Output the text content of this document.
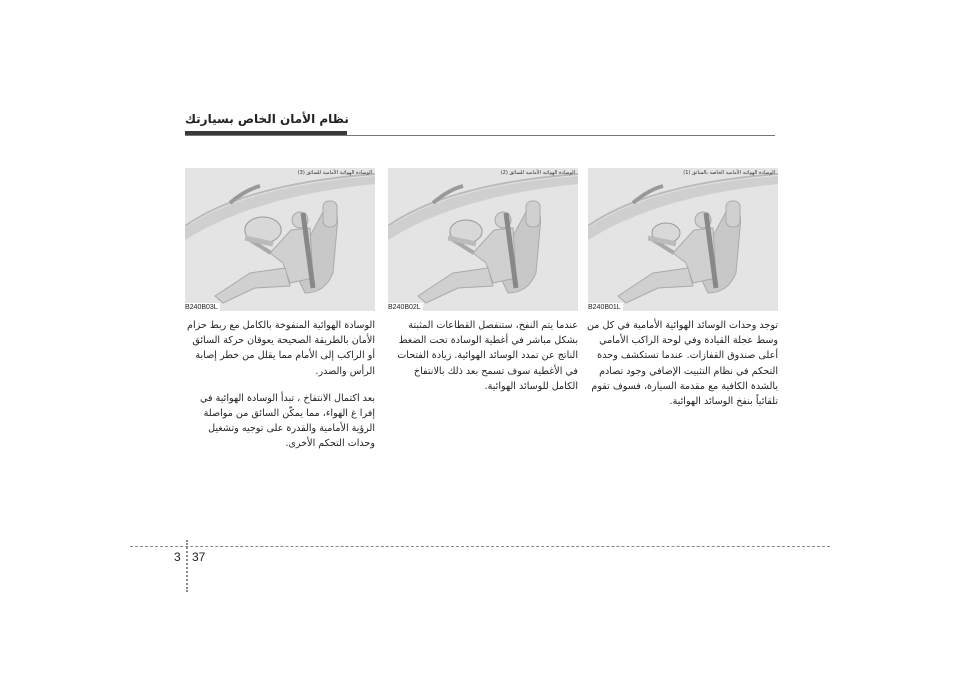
نظام الأمان الخاص بسيارتك
الوسادة الهوائية الأمامية الخاصة بالسائق (1)
B240B01L
الوسادة الهوائية الأمامية للسائق (2)
B240B02L
الوسادة الهوائية الأمامية للسائق (3)
B240B03L

توجد وحدات الوسائد الهوائية الأمامية في كل من وسط عجلة القيادة وفي لوحة الراكب الأمامي أعلى صندوق القفازات. عندما تستكشف وحدة التحكم في نظام التثبيت الإضافي وجود تصادم بالشدة الكافية مع مقدمة السيارة، فسوف تقوم تلقائياً بنفخ الوسائد الهوائية.

عندما يتم النفخ، ستنفصل القطاعات المثبتة بشكل مباشر في أغطية الوسادة تحت الضغط الناتج عن تمدد الوسائد الهوائية. زيادة الفتحات في الأغطية سوف تسمح بعد ذلك بالانتفاخ الكامل للوسائد الهوائية.

الوسادة الهوائية المنفوخة بالكامل مع ربط حزام الأمان بالطريقة الصحيحة يعوقان حركة السائق أو الراكب إلى الأمام مما يقلل من خطر إصابة الرأس والصدر.

بعد اكتمال الانتفاخ ، تبدأ الوسادة الهوائية في إفرا غ الهواء، مما يمكّن السائق من مواصلة الرؤية الأمامية والقدرة على توجيه وتشغيل وحدات التحكم الأخرى.

3 37
